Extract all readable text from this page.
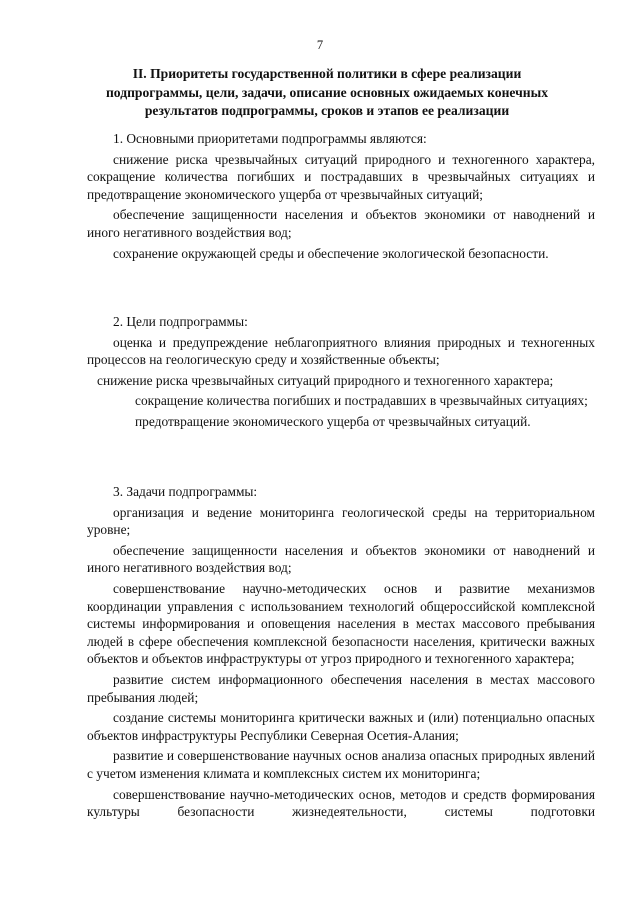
7
II. Приоритеты государственной политики в сфере реализации подпрограммы, цели, задачи, описание основных ожидаемых конечных результатов подпрограммы, сроков и этапов ее реализации

1. Основными приоритетами подпрограммы являются:

снижение риска чрезвычайных ситуаций природного и техногенного характера, сокращение количества погибших и пострадавших в чрезвычайных ситуациях и предотвращение экономического ущерба от чрезвычайных ситуаций;

обеспечение защищенности населения и объектов экономики от наводнений и иного негативного воздействия вод;

сохранение окружающей среды и обеспечение экологической безопасности.

2. Цели подпрограммы:

оценка и предупреждение неблагоприятного влияния природных и техногенных процессов на геологическую среду и хозяйственные объекты;

снижение риска чрезвычайных ситуаций природного и техногенного характера;

сокращение количества погибших и пострадавших в чрезвычайных ситуациях;

предотвращение экономического ущерба от чрезвычайных ситуаций.

3. Задачи подпрограммы:

организация и ведение мониторинга геологической среды на территориальном уровне;

обеспечение защищенности населения и объектов экономики от наводнений и иного негативного воздействия вод;

совершенствование научно-методических основ и развитие механизмов координации управления с использованием технологий общероссийской комплексной системы информирования и оповещения населения в местах массового пребывания людей в сфере обеспечения комплексной безопасности населения, критически важных объектов и объектов инфраструктуры от угроз природного и техногенного характера;

развитие систем информационного обеспечения населения в местах массового пребывания людей;

создание системы мониторинга критически важных и (или) потенциально опасных объектов инфраструктуры Республики Северная Осетия-Алания;

развитие и совершенствование научных основ анализа опасных природных явлений с учетом изменения климата и комплексных систем их мониторинга;

совершенствование научно-методических основ, методов и средств формирования культуры безопасности жизнедеятельности, системы подготовки
